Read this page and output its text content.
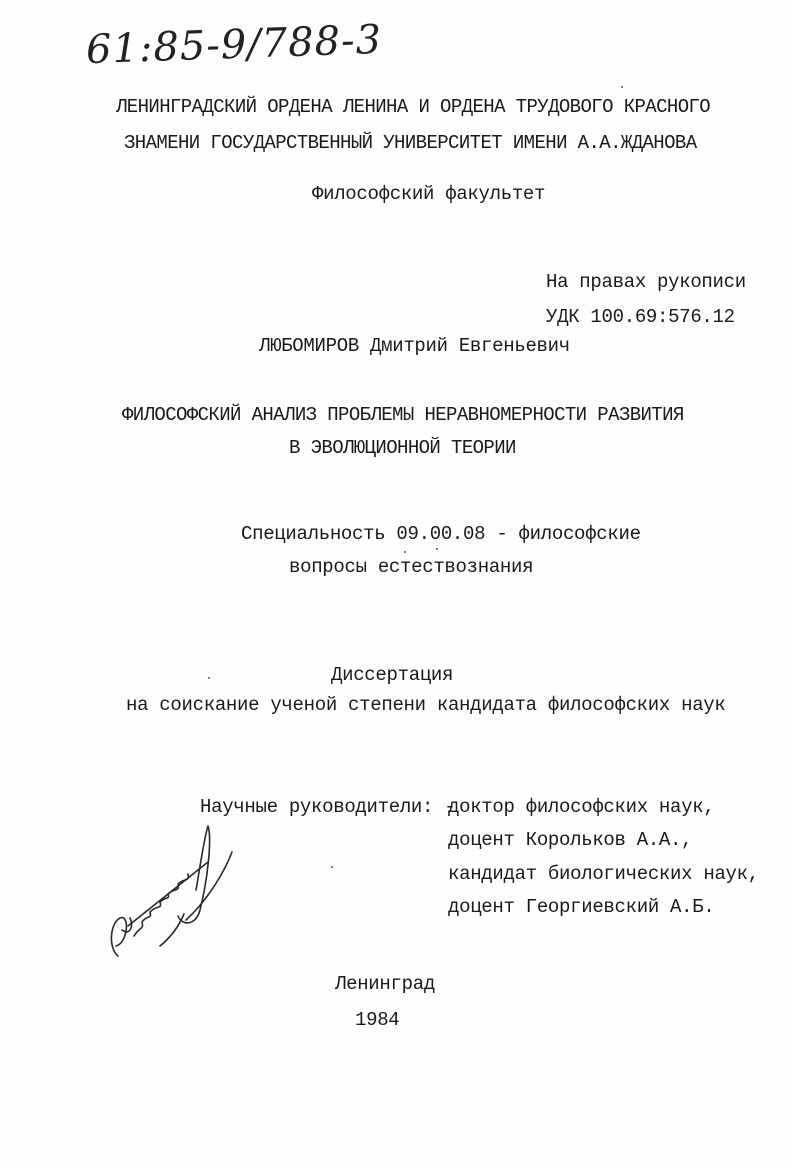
61:85-9/788-3
ЛЕНИНГРАДСКИЙ ОРДЕНА ЛЕНИНА И ОРДЕНА ТРУДОВОГО КРАСНОГО
ЗНАМЕНИ ГОСУДАРСТВЕННЫЙ УНИВЕРСИТЕТ ИМЕНИ А.А.ЖДАНОВА
Философский факультет
На правах рукописи
УДК 100.69:576.12
ЛЮБОМИРОВ Дмитрий Евгеньевич
ФИЛОСОФСКИЙ АНАЛИЗ ПРОБЛЕМЫ НЕРАВНОМЕРНОСТИ РАЗВИТИЯ
В ЭВОЛЮЦИОННОЙ ТЕОРИИ
Специальность 09.00.08 - философские
вопросы естествознания
Диссертация
на соискание ученой степени кандидата философских наук
Научные руководители: -
доктор философских наук,
доцент Корольков А.А.,
кандидат биологических наук,
доцент Георгиевский А.Б.
Ленинград
1984
